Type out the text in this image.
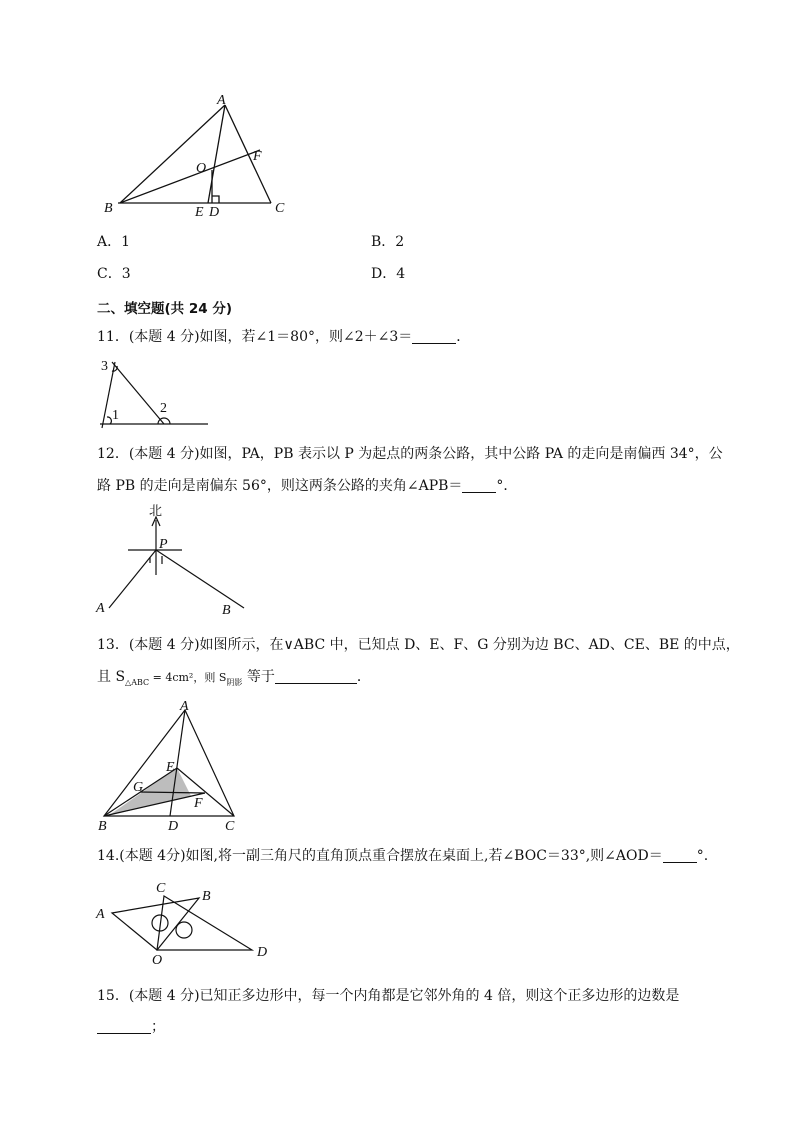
A
B	C
O
F
E D
A．1	B．2
C．3	D．4
二、填空题(共 24 分)
11．(本题 4 分)如图，若∠1＝80°，则∠2＋∠3＝	．
3
1	2
12．(本题 4 分)如图，PA，PB 表示以 P 为起点的两条公路，其中公路 PA 的走向是南偏西 34°，公
路 PB 的走向是南偏东 56°，则这两条公路的夹角∠APB＝ °．
北
P
A	B
13．(本题 4 分)如图所示，在∨ABC 中，已知点 D、E、F、G 分别为边 BC、AD、CE、BE 的中点，
且 $S_{\triangle ABC} = 4cm^2$，则 $S_{阴影}$ 等于	．
A
E
G
F
B	D	C
14.(本题 4分)如图,将一副三角尺的直角顶点重合摆放在桌面上,若∠BOC＝33°,则∠AOD＝ °.
A
B
C
D
O
15．(本题 4 分)已知正多边形中，每一个内角都是它邻外角的 4 倍，则这个正多边形的边数是
；
